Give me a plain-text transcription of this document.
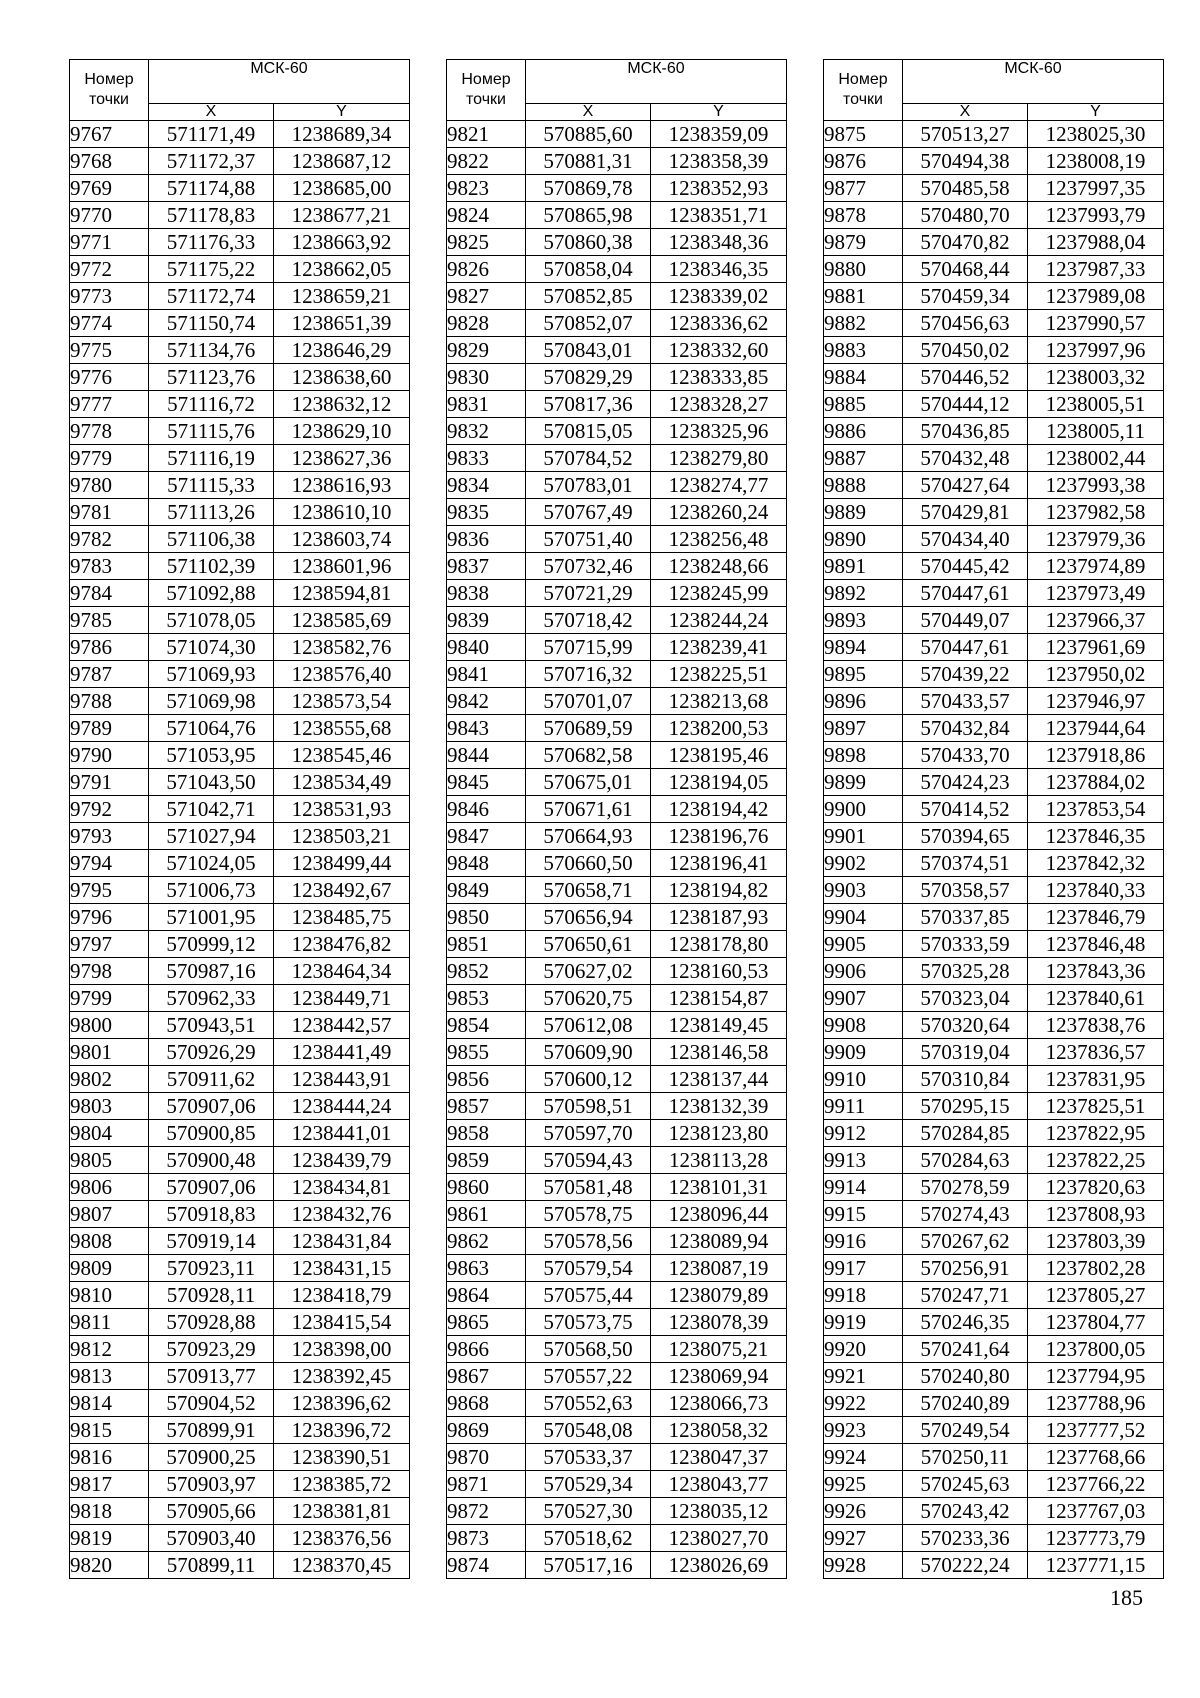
Номер точки	МСК-60	
	X	Y
9767	571171,49	1238689,34
9768	571172,37	1238687,12
9769	571174,88	1238685,00
9770	571178,83	1238677,21
9771	571176,33	1238663,92
9772	571175,22	1238662,05
9773	571172,74	1238659,21
9774	571150,74	1238651,39
9775	571134,76	1238646,29
9776	571123,76	1238638,60
9777	571116,72	1238632,12
9778	571115,76	1238629,10
9779	571116,19	1238627,36
9780	571115,33	1238616,93
9781	571113,26	1238610,10
9782	571106,38	1238603,74
9783	571102,39	1238601,96
9784	571092,88	1238594,81
9785	571078,05	1238585,69
9786	571074,30	1238582,76
9787	571069,93	1238576,40
9788	571069,98	1238573,54
9789	571064,76	1238555,68
9790	571053,95	1238545,46
9791	571043,50	1238534,49
9792	571042,71	1238531,93
9793	571027,94	1238503,21
9794	571024,05	1238499,44
9795	571006,73	1238492,67
9796	571001,95	1238485,75
9797	570999,12	1238476,82
9798	570987,16	1238464,34
9799	570962,33	1238449,71
9800	570943,51	1238442,57
9801	570926,29	1238441,49
9802	570911,62	1238443,91
9803	570907,06	1238444,24
9804	570900,85	1238441,01
9805	570900,48	1238439,79
9806	570907,06	1238434,81
9807	570918,83	1238432,76
9808	570919,14	1238431,84
9809	570923,11	1238431,15
9810	570928,11	1238418,79
9811	570928,88	1238415,54
9812	570923,29	1238398,00
9813	570913,77	1238392,45
9814	570904,52	1238396,62
9815	570899,91	1238396,72
9816	570900,25	1238390,51
9817	570903,97	1238385,72
9818	570905,66	1238381,81
9819	570903,40	1238376,56
9820	570899,11	1238370,45
Номер точки	МСК-60	
	X	Y
9821	570885,60	1238359,09
9822	570881,31	1238358,39
9823	570869,78	1238352,93
9824	570865,98	1238351,71
9825	570860,38	1238348,36
9826	570858,04	1238346,35
9827	570852,85	1238339,02
9828	570852,07	1238336,62
9829	570843,01	1238332,60
9830	570829,29	1238333,85
9831	570817,36	1238328,27
9832	570815,05	1238325,96
9833	570784,52	1238279,80
9834	570783,01	1238274,77
9835	570767,49	1238260,24
9836	570751,40	1238256,48
9837	570732,46	1238248,66
9838	570721,29	1238245,99
9839	570718,42	1238244,24
9840	570715,99	1238239,41
9841	570716,32	1238225,51
9842	570701,07	1238213,68
9843	570689,59	1238200,53
9844	570682,58	1238195,46
9845	570675,01	1238194,05
9846	570671,61	1238194,42
9847	570664,93	1238196,76
9848	570660,50	1238196,41
9849	570658,71	1238194,82
9850	570656,94	1238187,93
9851	570650,61	1238178,80
9852	570627,02	1238160,53
9853	570620,75	1238154,87
9854	570612,08	1238149,45
9855	570609,90	1238146,58
9856	570600,12	1238137,44
9857	570598,51	1238132,39
9858	570597,70	1238123,80
9859	570594,43	1238113,28
9860	570581,48	1238101,31
9861	570578,75	1238096,44
9862	570578,56	1238089,94
9863	570579,54	1238087,19
9864	570575,44	1238079,89
9865	570573,75	1238078,39
9866	570568,50	1238075,21
9867	570557,22	1238069,94
9868	570552,63	1238066,73
9869	570548,08	1238058,32
9870	570533,37	1238047,37
9871	570529,34	1238043,77
9872	570527,30	1238035,12
9873	570518,62	1238027,70
9874	570517,16	1238026,69
Номер точки	МСК-60	
	X	Y
9875	570513,27	1238025,30
9876	570494,38	1238008,19
9877	570485,58	1237997,35
9878	570480,70	1237993,79
9879	570470,82	1237988,04
9880	570468,44	1237987,33
9881	570459,34	1237989,08
9882	570456,63	1237990,57
9883	570450,02	1237997,96
9884	570446,52	1238003,32
9885	570444,12	1238005,51
9886	570436,85	1238005,11
9887	570432,48	1238002,44
9888	570427,64	1237993,38
9889	570429,81	1237982,58
9890	570434,40	1237979,36
9891	570445,42	1237974,89
9892	570447,61	1237973,49
9893	570449,07	1237966,37
9894	570447,61	1237961,69
9895	570439,22	1237950,02
9896	570433,57	1237946,97
9897	570432,84	1237944,64
9898	570433,70	1237918,86
9899	570424,23	1237884,02
9900	570414,52	1237853,54
9901	570394,65	1237846,35
9902	570374,51	1237842,32
9903	570358,57	1237840,33
9904	570337,85	1237846,79
9905	570333,59	1237846,48
9906	570325,28	1237843,36
9907	570323,04	1237840,61
9908	570320,64	1237838,76
9909	570319,04	1237836,57
9910	570310,84	1237831,95
9911	570295,15	1237825,51
9912	570284,85	1237822,95
9913	570284,63	1237822,25
9914	570278,59	1237820,63
9915	570274,43	1237808,93
9916	570267,62	1237803,39
9917	570256,91	1237802,28
9918	570247,71	1237805,27
9919	570246,35	1237804,77
9920	570241,64	1237800,05
9921	570240,80	1237794,95
9922	570240,89	1237788,96
9923	570249,54	1237777,52
9924	570250,11	1237768,66
9925	570245,63	1237766,22
9926	570243,42	1237767,03
9927	570233,36	1237773,79
9928	570222,24	1237771,15
185
